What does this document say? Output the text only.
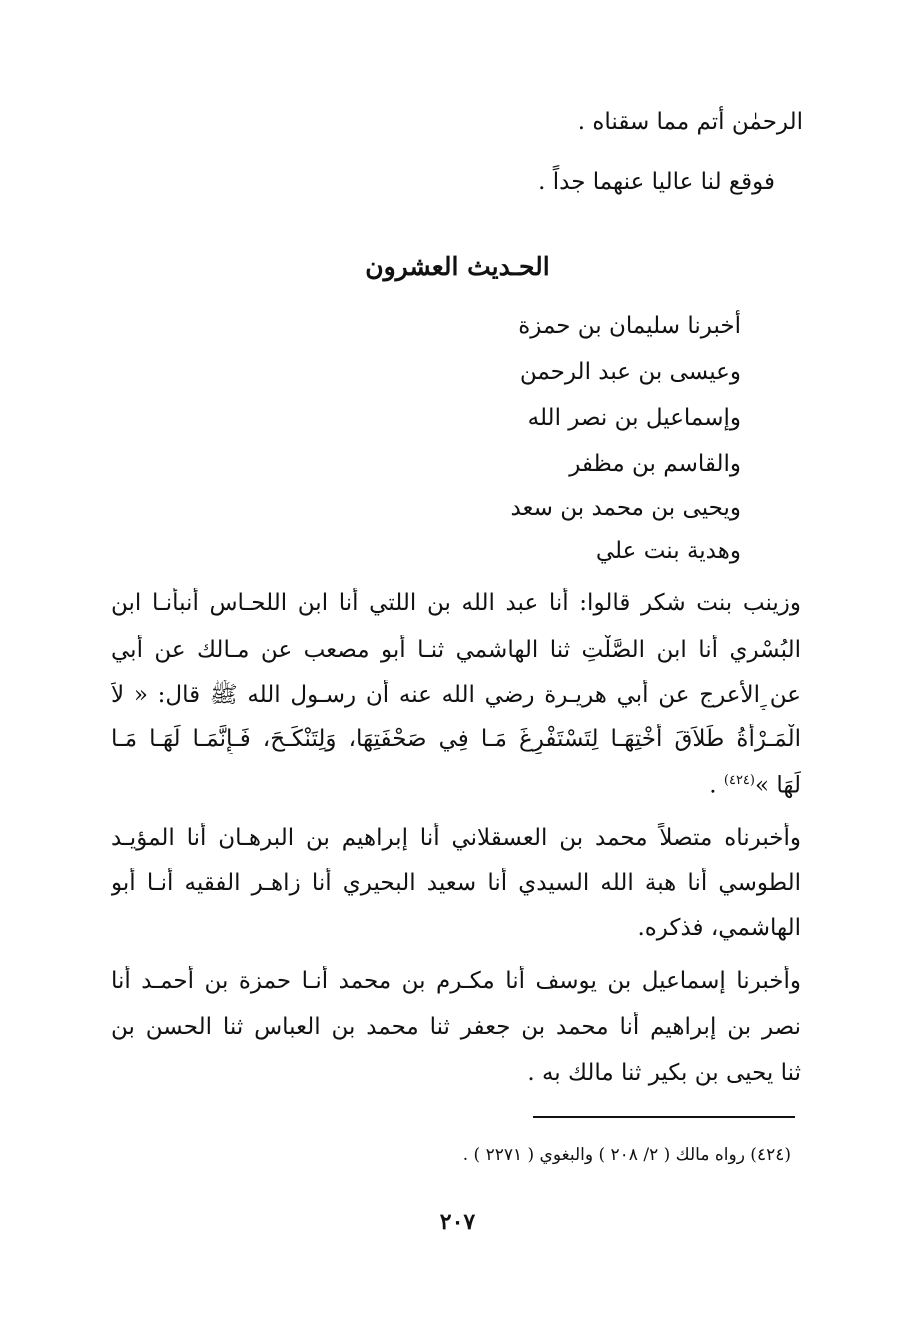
الرحمٰن أتم مما سقناه .
فوقع لنا عاليا عنهما جداً .
الحـديث العشرون
أخبرنا سليمان بن حمزة
وعيسى بن عبد الرحمن
وإسماعيل بن نصر الله
والقاسم بن مظفر
ويحيى بن محمد بن سعد
وهدية بنت علي
وزينب بنت شكر قالوا: أنا عبد الله بن اللتي أنا ابن اللحـاس أنبأنـا ابن
البُسْري أنا ابن الصَّلْتِ ثنا الهاشمي ثنـا أبو مصعب عن مـالك عن أبي
عن الأعرج عن أبي هريـرة رضي الله عنه أن رسـول الله ﷺ قال: « لاَ
الْمَـرْأَةُ طَلاَقَ أُخْتِهَـا لِتَسْتَفْرِغَ مَـا فِي صَحْفَتِهَا، وَلِتَنْكَـحَ، فَـإِنَّمَـا لَهَـا مَـا
لَهَا »$^{(٤٢٤)}$ .
وأخبرناه متصلاً محمد بن العسقلاني أنا إبراهيم بن البرهـان أنا المؤيـد
الطوسي أنا هبة الله السيدي أنا سعيد البحيري أنا زاهـر الفقيه أنـا أبو
الهاشمي، فذكره.
وأخبرنا إسماعيل بن يوسف أنا مكـرم بن محمد أنـا حمزة بن أحمـد أنا
نصر بن إبراهيم أنا محمد بن جعفر ثنا محمد بن العباس ثنا الحسن بن
ثنا يحيى بن بكير ثنا مالك به .
(٤٢٤) رواه مالك ( ٢/ ٢٠٨ ) والبغوي ( ٢٢٧١ ) .
٢٠٧
